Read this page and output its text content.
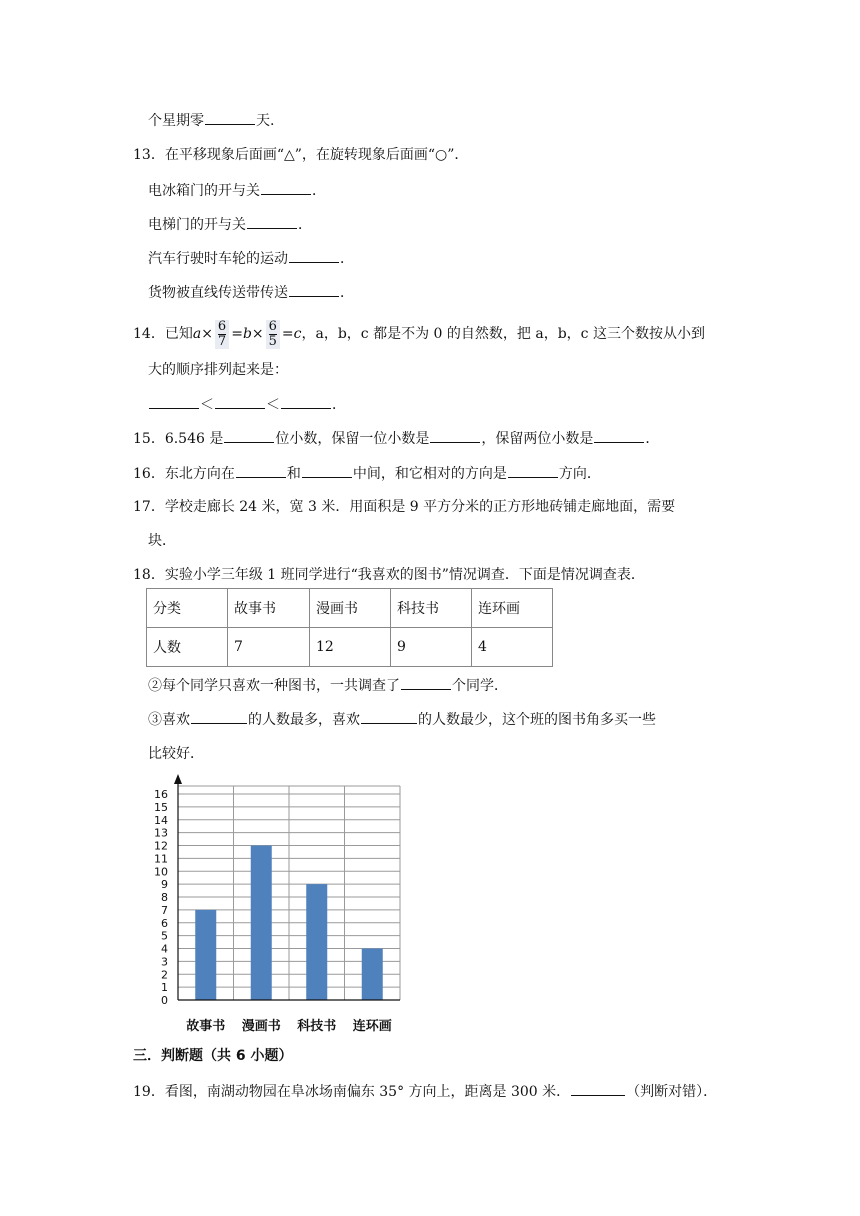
个星期零	天.
13．在平移现象后面画“△”，在旋转现象后面画“○”．
电冰箱门的开与关	．
电梯门的开与关	．
汽车行驶时车轮的运动	．
货物被直线传送带传送	．
14．已知$a\times \frac{6}{7} =b\times \frac{6}{5} =c$，a，b，c 都是不为 0 的自然数，把 a，b，c 这三个数按从小到
大的顺序排列起来是：
＜	＜	．
15．6.546 是	位小数，保留一位小数是	，保留两位小数是	．
16．东北方向在	和	中间，和它相对的方向是	方向．
17．学校走廊长 24 米，宽 3 米．用面积是 9 平方分米的正方形地砖铺走廊地面，需要
块．
18．实验小学三年级 1 班同学进行“我喜欢的图书”情况调查．下面是情况调查表．
分类	故事书	漫画书	科技书	连环画
人数	7	12	9	4
②每个同学只喜欢一种图书，一共调查了	个同学．
③喜欢	的人数最多，喜欢	的人数最少，这个班的图书角多买一些
比较好．
0
1
2
3
4
5
6
7
8
9
10
11
12
13
14
15
16
故事书 漫画书 科技书 连环画
三．判断题（共 6 小题）
19．看图，南湖动物园在阜冰场南偏东 35° 方向上，距离是 300 米．	（判断对错）．
